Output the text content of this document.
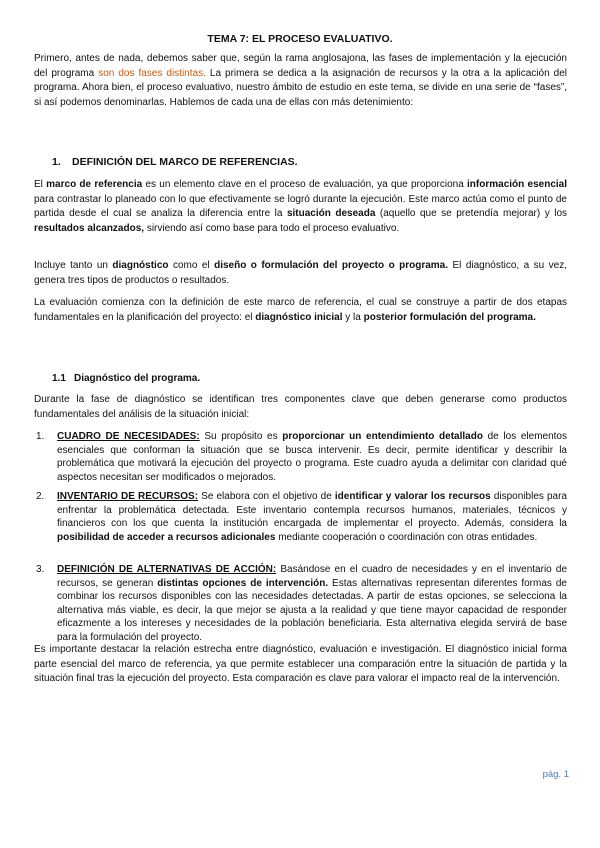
TEMA 7: EL PROCESO EVALUATIVO.

Primero, antes de nada, debemos saber que, según la rama anglosajona, las fases de implementación y la ejecución del programa son dos fases distintas. La primera se dedica a la asignación de recursos y la otra a la aplicación del programa. Ahora bien, el proceso evaluativo, nuestro ámbito de estudio en este tema, se divide en una serie de “fases”, si así podemos denominarlas. Hablemos de cada una de ellas con más detenimiento:

1. DEFINICIÓN DEL MARCO DE REFERENCIAS.

El marco de referencia es un elemento clave en el proceso de evaluación, ya que proporciona información esencial para contrastar lo planeado con lo que efectivamente se logró durante la ejecución. Este marco actúa como el punto de partida desde el cual se analiza la diferencia entre la situación deseada (aquello que se pretendía mejorar) y los resultados alcanzados, sirviendo así como base para todo el proceso evaluativo.

Incluye tanto un diagnóstico como el diseño o formulación del proyecto o programa. El diagnóstico, a su vez, genera tres tipos de productos o resultados.

La evaluación comienza con la definición de este marco de referencia, el cual se construye a partir de dos etapas fundamentales en la planificación del proyecto: el diagnóstico inicial y la posterior formulación del programa.

1.1 Diagnóstico del programa.

Durante la fase de diagnóstico se identifican tres componentes clave que deben generarse como productos fundamentales del análisis de la situación inicial:

1.	CUADRO DE NECESIDADES: Su propósito es proporcionar un entendimiento detallado de los elementos esenciales que conforman la situación que se busca intervenir. Es decir, permite identificar y describir la problemática que motivará la ejecución del proyecto o programa. Este cuadro ayuda a delimitar con claridad qué aspectos necesitan ser modificados o mejorados.
2.	INVENTARIO DE RECURSOS: Se elabora con el objetivo de identificar y valorar los recursos disponibles para enfrentar la problemática detectada. Este inventario contempla recursos humanos, materiales, técnicos y financieros con los que cuenta la institución encargada de implementar el proyecto. Además, considera la posibilidad de acceder a recursos adicionales mediante cooperación o coordinación con otras entidades.
3.	DEFINICIÓN DE ALTERNATIVAS DE ACCIÓN: Basándose en el cuadro de necesidades y en el inventario de recursos, se generan distintas opciones de intervención. Estas alternativas representan diferentes formas de combinar los recursos disponibles con las necesidades detectadas. A partir de estas opciones, se selecciona la alternativa más viable, es decir, la que mejor se ajusta a la realidad y que tiene mayor capacidad de responder eficazmente a los intereses y necesidades de la población beneficiaria. Esta alternativa elegida servirá de base para la formulación del proyecto.

Es importante destacar la relación estrecha entre diagnóstico, evaluación e investigación. El diagnóstico inicial forma parte esencial del marco de referencia, ya que permite establecer una comparación entre la situación de partida y la situación final tras la ejecución del proyecto. Esta comparación es clave para valorar el impacto real de la intervención.

pág. 1
